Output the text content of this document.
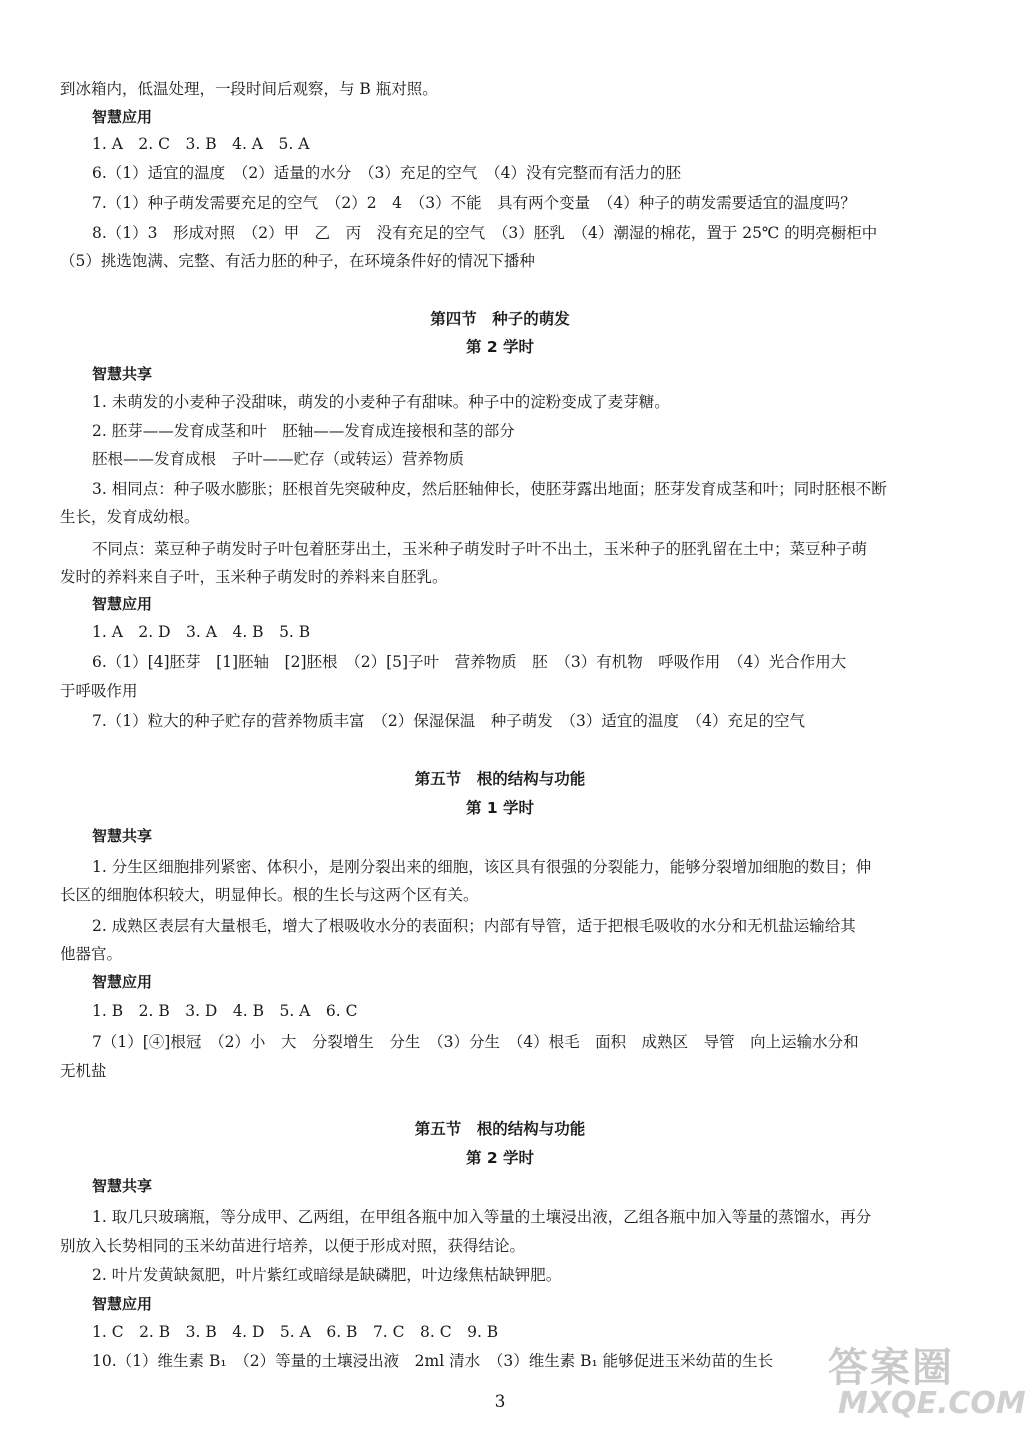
到冰箱内，低温处理，一段时间后观察，与 B 瓶对照。
智慧应用
1. A　2. C　3. B　4. A　5. A
6.（1）适宜的温度　（2）适量的水分　（3）充足的空气　（4）没有完整而有活力的胚
7.（1）种子萌发需要充足的空气　（2）2　4　（3）不能　具有两个变量　（4）种子的萌发需要适宜的温度吗？
8.（1）3　形成对照　（2）甲　乙　丙　没有充足的空气　（3）胚乳　（4）潮湿的棉花，置于 25℃ 的明亮橱柜中
（5）挑选饱满、完整、有活力胚的种子，在环境条件好的情况下播种
第四节　种子的萌发
第 2 学时
智慧共享
1. 未萌发的小麦种子没甜味，萌发的小麦种子有甜味。种子中的淀粉变成了麦芽糖。
2. 胚芽——发育成茎和叶　胚轴——发育成连接根和茎的部分
胚根——发育成根　子叶——贮存（或转运）营养物质
3. 相同点：种子吸水膨胀；胚根首先突破种皮，然后胚轴伸长，使胚芽露出地面；胚芽发育成茎和叶；同时胚根不断
生长，发育成幼根。
不同点：菜豆种子萌发时子叶包着胚芽出土，玉米种子萌发时子叶不出土，玉米种子的胚乳留在土中；菜豆种子萌
发时的养料来自子叶，玉米种子萌发时的养料来自胚乳。
智慧应用
1. A　2. D　3. A　4. B　5. B
6.（1）[4]胚芽　[1]胚轴　[2]胚根　（2）[5]子叶　营养物质　胚　（3）有机物　呼吸作用　（4）光合作用大
于呼吸作用
7.（1）粒大的种子贮存的营养物质丰富　（2）保湿保温　种子萌发　（3）适宜的温度　（4）充足的空气
第五节　根的结构与功能
第 1 学时
智慧共享
1. 分生区细胞排列紧密、体积小，是刚分裂出来的细胞，该区具有很强的分裂能力，能够分裂增加细胞的数目；伸
长区的细胞体积较大，明显伸长。根的生长与这两个区有关。
2. 成熟区表层有大量根毛，增大了根吸收水分的表面积；内部有导管，适于把根毛吸收的水分和无机盐运输给其
他器官。
智慧应用
1. B　2. B　3. D　4. B　5. A　6. C
7（1）[④]根冠　（2）小　大　分裂增生　分生　（3）分生　（4）根毛　面积　成熟区　导管　向上运输水分和
无机盐
第五节　根的结构与功能
第 2 学时
智慧共享
1. 取几只玻璃瓶，等分成甲、乙两组，在甲组各瓶中加入等量的土壤浸出液，乙组各瓶中加入等量的蒸馏水，再分
别放入长势相同的玉米幼苗进行培养，以便于形成对照，获得结论。
2. 叶片发黄缺氮肥，叶片紫红或暗绿是缺磷肥，叶边缘焦枯缺钾肥。
智慧应用
1. C　2. B　3. B　4. D　5. A　6. B　7. C　8. C　9. B
10.（1）维生素 B₁　（2）等量的土壤浸出液　2ml 清水　（3）维生素 B₁ 能够促进玉米幼苗的生长
3
答案圈
MXQE.COM
